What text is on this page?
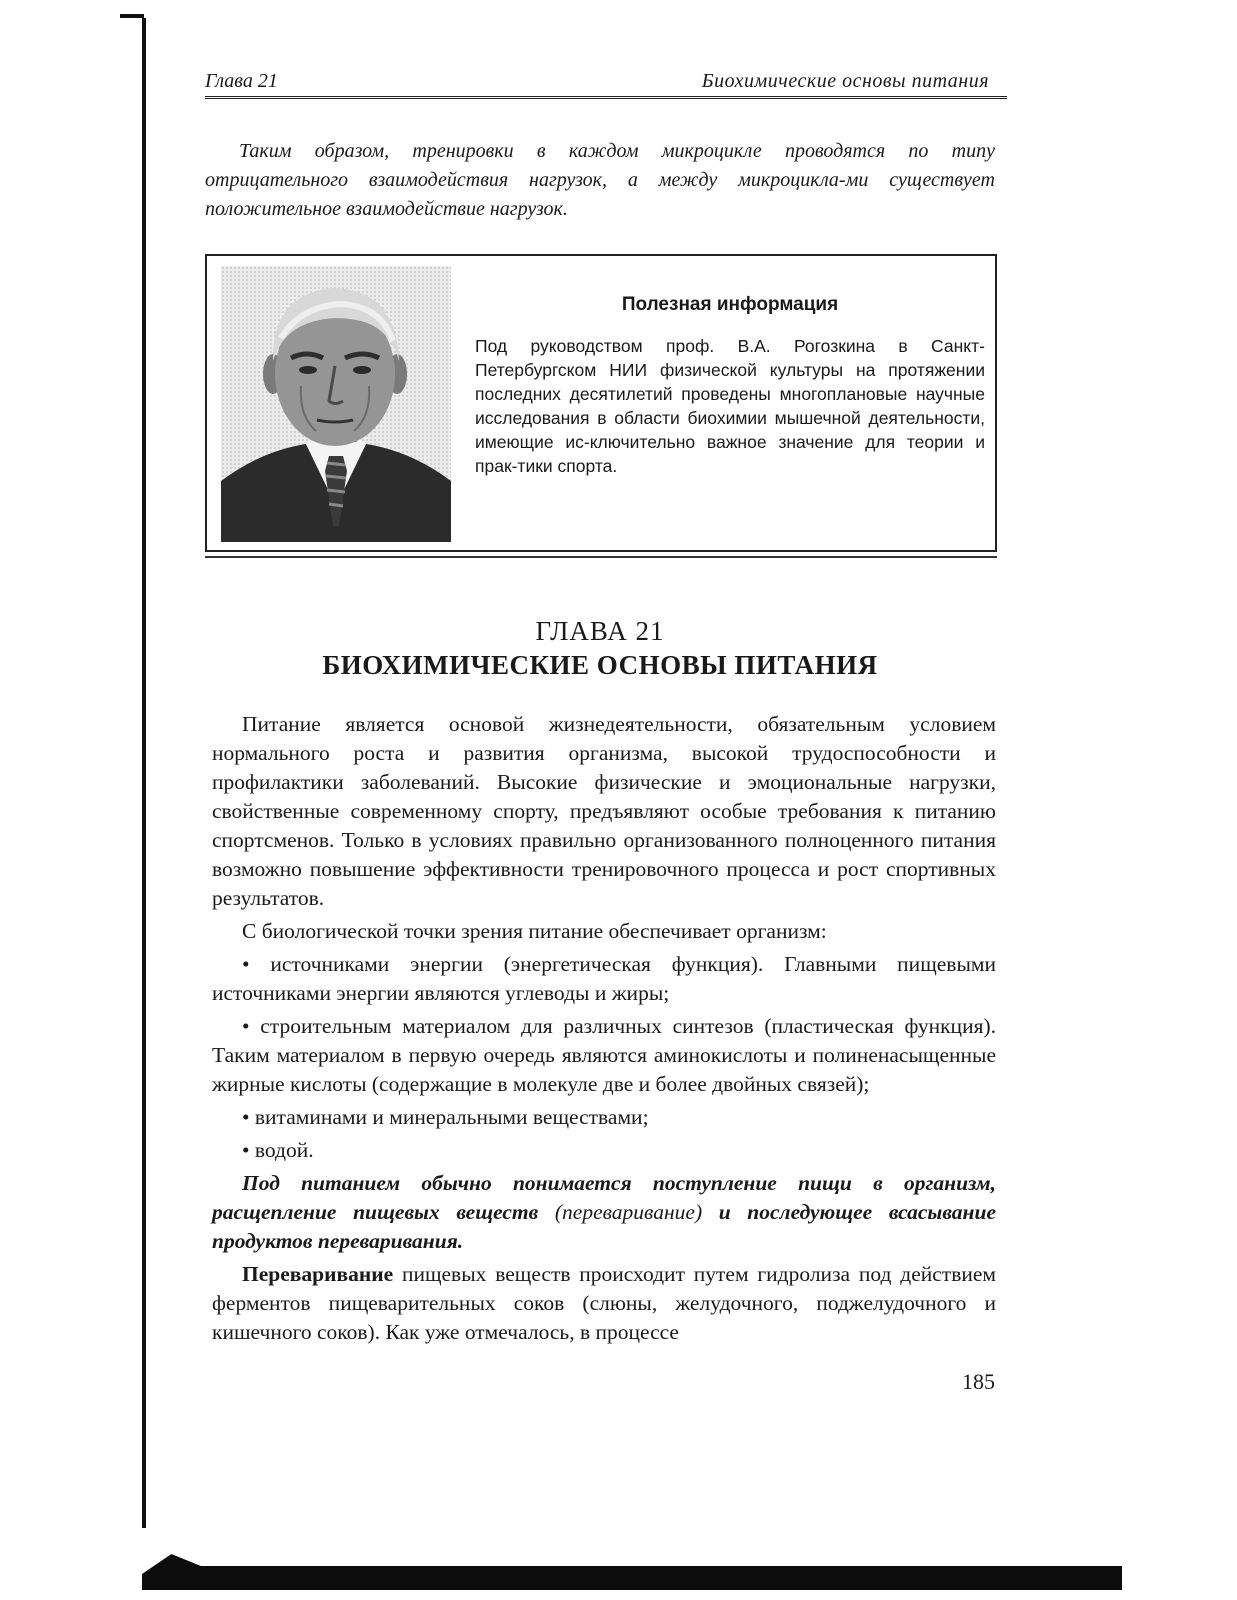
Глава 21	Биохимические основы питания
Таким образом, тренировки в каждом микроцикле проводятся по типу отрицательного взаимодействия нагрузок, а между микроцикла-ми существует положительное взаимодействие нагрузок.
Полезная информация
Под руководством проф. В.А. Рогозкина в Санкт-Петербургском НИИ физической культуры на протяжении последних десятилетий проведены многоплановые научные исследования в области биохимии мышечной деятельности, имеющие ис-ключительно важное значение для теории и прак-тики спорта.
ГЛАВА 21
БИОХИМИЧЕСКИЕ ОСНОВЫ ПИТАНИЯ

Питание является основой жизнедеятельности, обязательным условием нормального роста и развития организма, высокой трудоспособности и профилактики заболеваний. Высокие физические и эмоциональные нагрузки, свойственные современному спорту, предъявляют особые требования к питанию спортсменов. Только в условиях правильно организованного полноценного питания возможно повышение эффективности тренировочного процесса и рост спортивных результатов.

С биологической точки зрения питание обеспечивает организм:

• источниками энергии (энергетическая функция). Главными пищевыми источниками энергии являются углеводы и жиры;

• строительным материалом для различных синтезов (пластическая функция). Таким материалом в первую очередь являются аминокислоты и полиненасыщенные жирные кислоты (содержащие в молекуле две и более двойных связей);

• витаминами и минеральными веществами;

• водой.

Под питанием обычно понимается поступление пищи в организм, расщепление пищевых веществ (переваривание) и последующее всасывание продуктов переваривания.

Переваривание пищевых веществ происходит путем гидролиза под действием ферментов пищеварительных соков (слюны, желудочного, поджелудочного и кишечного соков). Как уже отмечалось, в процессе

185
